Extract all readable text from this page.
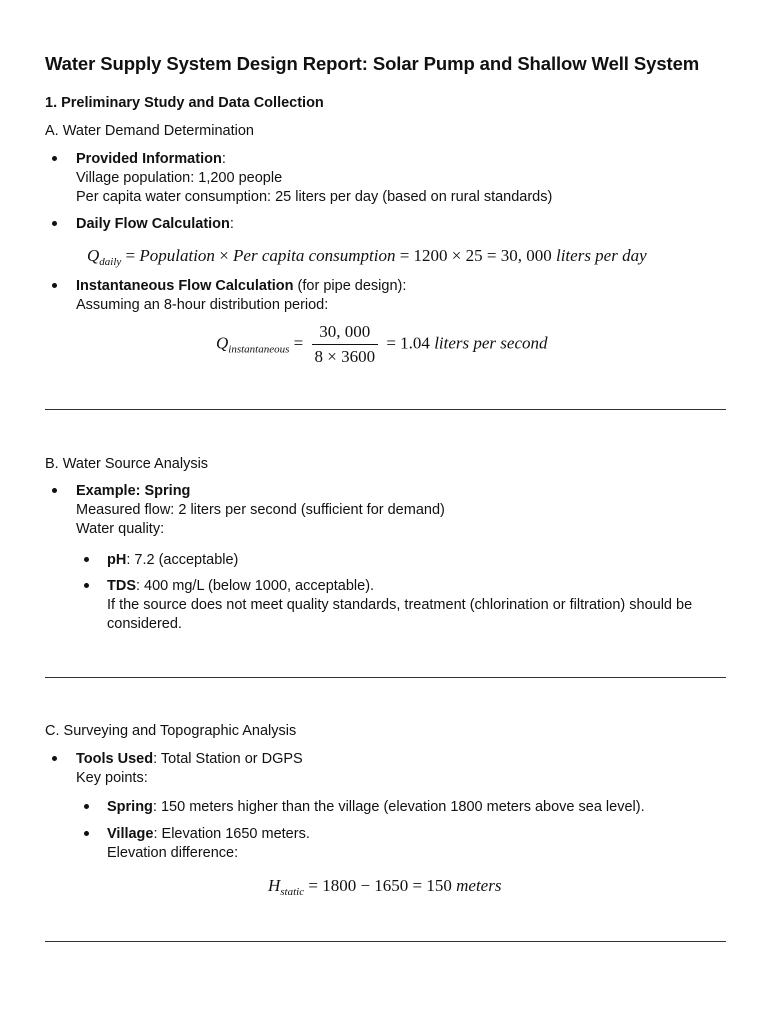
Water Supply System Design Report: Solar Pump and Shallow Well System
1. Preliminary Study and Data Collection
A. Water Demand Determination
Provided Information:
Village population: 1,200 people
Per capita water consumption: 25 liters per day (based on rural standards)
Daily Flow Calculation:
$Q_{daily}$ = Population × Per capita consumption = 1200 × 25 = 30, 000 liters per day
Instantaneous Flow Calculation (for pipe design):
Assuming an 8-hour distribution period:
$Q_{instantaneous} = \frac{30, 000}{8 \times 3600} = 1.04$ liters per second
B. Water Source Analysis
Example: Spring
Measured flow: 2 liters per second (sufficient for demand)
Water quality:
pH: 7.2 (acceptable)
TDS: 400 mg/L (below 1000, acceptable).
If the source does not meet quality standards, treatment (chlorination or filtration) should be considered.
C. Surveying and Topographic Analysis
Tools Used: Total Station or DGPS
Key points:
Spring: 150 meters higher than the village (elevation 1800 meters above sea level).
Village: Elevation 1650 meters.
Elevation difference:
$H_{static} = 1800 - 1650 = 150$ meters
